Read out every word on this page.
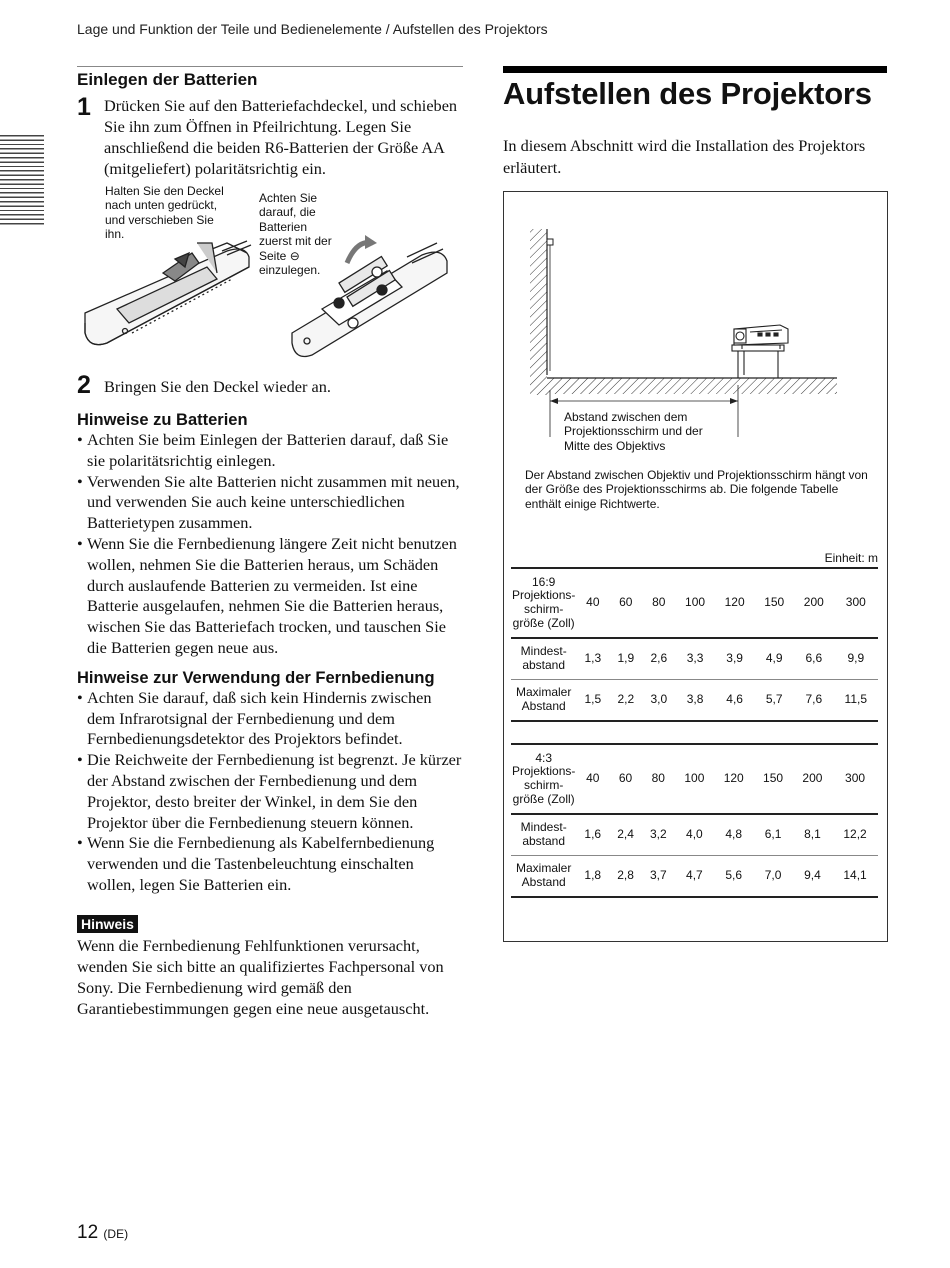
Lage und Funktion der Teile und Bedienelemente / Aufstellen des Projektors
Einlegen der Batterien
1 Drücken Sie auf den Batteriefachdeckel, und schieben Sie ihn zum Öffnen in Pfeilrichtung. Legen Sie anschließend die beiden R6-Batterien der Größe AA (mitgeliefert) polaritätsrichtig ein.

Halten Sie den Deckel nach unten gedrückt, und verschieben Sie ihn.
Achten Sie darauf, die Batterien zuerst mit der Seite ⊖ einzulegen.
2 Bringen Sie den Deckel wieder an.

Hinweise zu Batterien
• Achten Sie beim Einlegen der Batterien darauf, daß Sie sie polaritätsrichtig einlegen.
• Verwenden Sie alte Batterien nicht zusammen mit neuen, und verwenden Sie auch keine unterschiedlichen Batterietypen zusammen.
• Wenn Sie die Fernbedienung längere Zeit nicht benutzen wollen, nehmen Sie die Batterien heraus, um Schäden durch auslaufende Batterien zu vermeiden. Ist eine Batterie ausgelaufen, nehmen Sie die Batterien heraus, wischen Sie das Batteriefach trocken, und tauschen Sie die Batterien gegen neue aus.
Hinweise zur Verwendung der Fernbedienung
• Achten Sie darauf, daß sich kein Hindernis zwischen dem Infrarotsignal der Fernbedienung und dem Fernbedienungsdetektor des Projektors befindet.
• Die Reichweite der Fernbedienung ist begrenzt. Je kürzer der Abstand zwischen der Fernbedienung und dem Projektor, desto breiter der Winkel, in dem Sie den Projektor über die Fernbedienung steuern können.
• Wenn Sie die Fernbedienung als Kabelfernbedienung verwenden und die Tastenbeleuchtung einschalten wollen, legen Sie Batterien ein.
Hinweis

Wenn die Fernbedienung Fehlfunktionen verursacht, wenden Sie sich bitte an qualifiziertes Fachpersonal von Sony. Die Fernbedienung wird gemäß den Garantiebestimmungen gegen eine neue ausgetauscht.

Aufstellen des Projektors

In diesem Abschnitt wird die Installation des Projektors erläutert.

Abstand zwischen dem
Projektionsschirm und der
Mitte des Objektivs

Der Abstand zwischen Objektiv und Projektionsschirm hängt von der Größe des Projektionsschirms ab. Die folgende Tabelle enthält einige Richtwerte.

Einheit: m
16:9
Projektions-
schirm-
größe (Zoll)	40	60	80	100	120	150	200	300

Mindest-
abstand	1,3	1,9	2,6	3,3	3,9	4,9	6,6	9,9

Maximaler
Abstand	1,5	2,2	3,0	3,8	4,6	5,7	7,6	11,5
4:3
Projektions-
schirm-
größe (Zoll)	40	60	80	100	120	150	200	300

Mindest-
abstand	1,6	2,4	3,2	4,0	4,8	6,1	8,1	12,2

Maximaler
Abstand	1,8	2,8	3,7	4,7	5,6	7,0	9,4	14,1
12 (DE)
